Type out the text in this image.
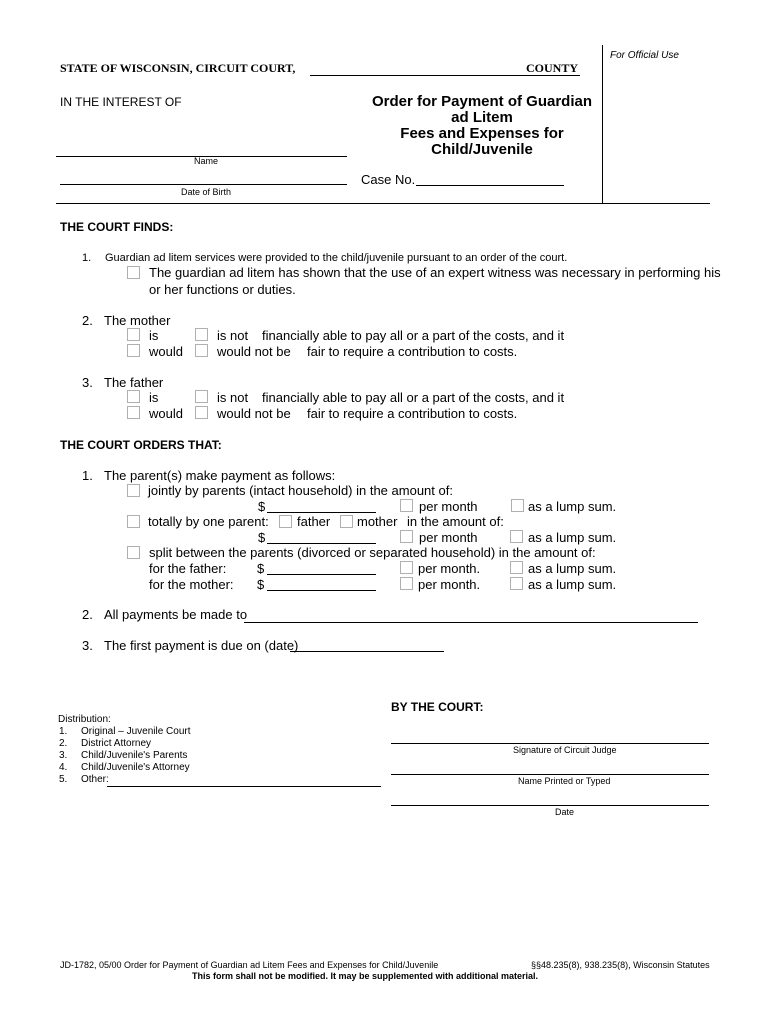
For Official Use
STATE OF WISCONSIN, CIRCUIT COURT,	COUNTY
IN THE INTEREST OF	Order for Payment of Guardian
ad Litem
Fees and Expenses for
Child/Juvenile
Name
Date of Birth
Case No.
THE COURT FINDS:
1. Guardian ad litem services were provided to the child/juvenile pursuant to an order of the court.
The guardian ad litem has shown that the use of an expert witness was necessary in performing his
or her functions or duties.
2. The mother
is	is not financially able to pay all or a part of the costs, and it
would	would not be fair to require a contribution to costs.
3. The father
is	is not financially able to pay all or a part of the costs, and it
would	would not be fair to require a contribution to costs.
THE COURT ORDERS THAT:
1. The parent(s) make payment as follows:
jointly by parents (intact household) in the amount of:
$	per month	as a lump sum.
totally by one parent: father mother in the amount of:
$	per month	as a lump sum.
split between the parents (divorced or separated household) in the amount of:
for the father: $	per month.	as a lump sum.
for the mother: $	per month.	as a lump sum.
2. All payments be made to
3. The first payment is due on (date)
Distribution:
1. Original – Juvenile Court
2. District Attorney
3. Child/Juvenile's Parents
4. Child/Juvenile's Attorney
5. Other:
BY THE COURT:
Signature of Circuit Judge
Name Printed or Typed
Date
JD-1782, 05/00 Order for Payment of Guardian ad Litem Fees and Expenses for Child/Juvenile	§§48.235(8), 938.235(8), Wisconsin Statutes
This form shall not be modified. It may be supplemented with additional material.
